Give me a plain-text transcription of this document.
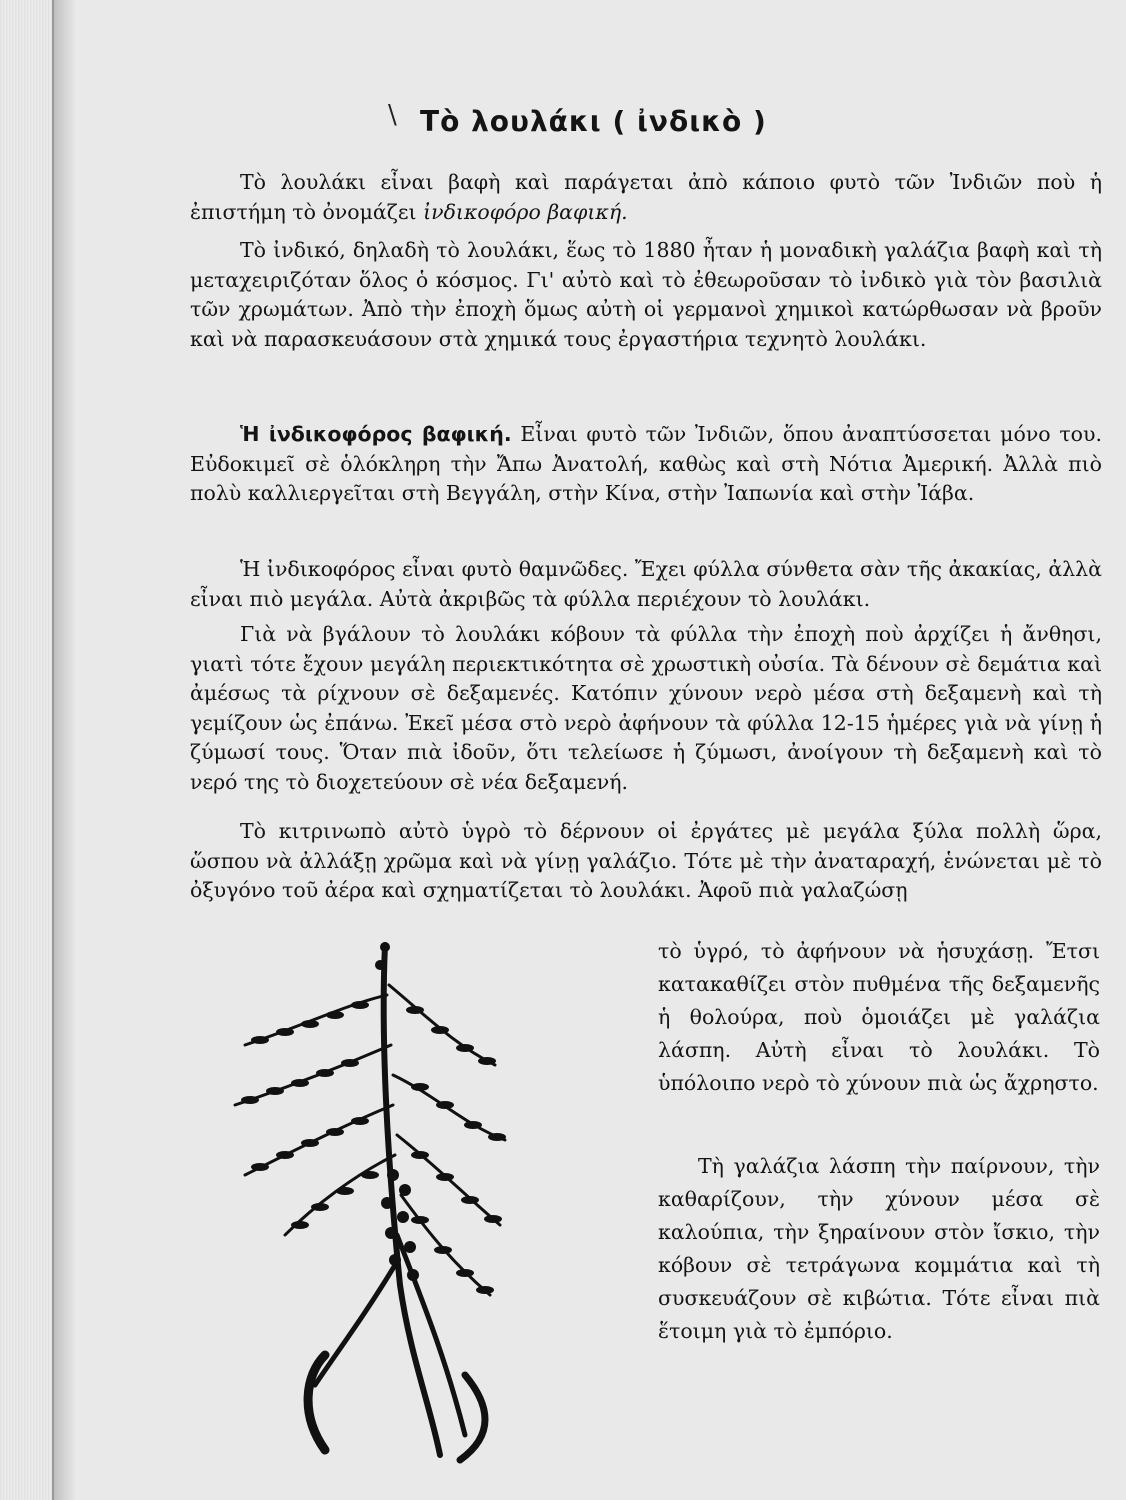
\ Τὸ λουλάκι ( ἰνδικὸ )

Τὸ λουλάκι εἶναι βαφὴ καὶ παράγεται ἀπὸ κάποιο φυτὸ τῶν Ἰνδιῶν ποὺ ἡ ἐπιστήμη τὸ ὀνομάζει ἰνδικοφόρο βαφική.

Τὸ ἰνδικό, δηλαδὴ τὸ λουλάκι, ἕως τὸ 1880 ἦταν ἡ μοναδικὴ γαλάζια βαφὴ καὶ τὴ μεταχειριζόταν ὅλος ὁ κόσμος. Γι' αὐτὸ καὶ τὸ ἐθεωροῦσαν τὸ ἰνδικὸ γιὰ τὸν βασιλιὰ τῶν χρωμάτων. Ἀπὸ τὴν ἐποχὴ ὅμως αὐτὴ οἱ γερμανοὶ χημικοὶ κατώρθωσαν νὰ βροῦν καὶ νὰ παρασκευάσουν στὰ χημικά τους ἐργαστήρια τεχνητὸ λουλάκι.

Ἡ ἰνδικοφόρος βαφική. Εἶναι φυτὸ τῶν Ἰνδιῶν, ὅπου ἀναπτύσσεται μόνο του. Εὐδοκιμεῖ σὲ ὁλόκληρη τὴν Ἄπω Ἀνατολή, καθὼς καὶ στὴ Νότια Ἀμερική. Ἀλλὰ πιὸ πολὺ καλλιεργεῖται στὴ Βεγγάλη, στὴν Κίνα, στὴν Ἰαπωνία καὶ στὴν Ἰάβα.

Ἡ ἰνδικοφόρος εἶναι φυτὸ θαμνῶδες. Ἔχει φύλλα σύνθετα σὰν τῆς ἀκακίας, ἀλλὰ εἶναι πιὸ μεγάλα. Αὐτὰ ἀκριβῶς τὰ φύλλα περιέχουν τὸ λουλάκι.

Γιὰ νὰ βγάλουν τὸ λουλάκι κόβουν τὰ φύλλα τὴν ἐποχὴ ποὺ ἀρχίζει ἡ ἄνθησι, γιατὶ τότε ἔχουν μεγάλη περιεκτικότητα σὲ χρωστικὴ οὐσία. Τὰ δένουν σὲ δεμάτια καὶ ἀμέσως τὰ ρίχνουν σὲ δεξαμενές. Κατόπιν χύνουν νερὸ μέσα στὴ δεξαμενὴ καὶ τὴ γεμίζουν ὡς ἐπάνω. Ἐκεῖ μέσα στὸ νερὸ ἀφήνουν τὰ φύλλα 12-15 ἡμέρες γιὰ νὰ γίνῃ ἡ ζύμωσί τους. Ὅταν πιὰ ἰδοῦν, ὅτι τελείωσε ἡ ζύμωσι, ἀνοίγουν τὴ δεξαμενὴ καὶ τὸ νερό της τὸ διοχετεύουν σὲ νέα δεξαμενή.

Τὸ κιτρινωπὸ αὐτὸ ὑγρὸ τὸ δέρνουν οἱ ἐργάτες μὲ μεγάλα ξύλα πολλὴ ὥρα, ὥσπου νὰ ἀλλάξῃ χρῶμα καὶ νὰ γίνῃ γαλάζιο. Τότε μὲ τὴν ἀναταραχή, ἑνώνεται μὲ τὸ ὀξυγόνο τοῦ ἀέρα καὶ σχηματίζεται τὸ λουλάκι. Ἀφοῦ πιὰ γαλαζώσῃ

τὸ ὑγρό, τὸ ἀφήνουν νὰ ἡσυχάσῃ. Ἔτσι κατακαθίζει στὸν πυθμένα τῆς δεξαμενῆς ἡ θολούρα, ποὺ ὁμοιάζει μὲ γαλάζια λάσπη. Αὐτὴ εἶναι τὸ λουλάκι. Τὸ ὑπόλοιπο νερὸ τὸ χύνουν πιὰ ὡς ἄχρηστο.
Τὴ γαλάζια λάσπη τὴν παίρνουν, τὴν καθαρίζουν, τὴν χύνουν μέσα σὲ καλούπια, τὴν ξηραίνουν στὸν ἴσκιο, τὴν κόβουν σὲ τετράγωνα κομμάτια καὶ τὴ συσκευάζουν σὲ κιβώτια. Τότε εἶναι πιὰ ἕτοιμη γιὰ τὸ ἐμπόριο.
